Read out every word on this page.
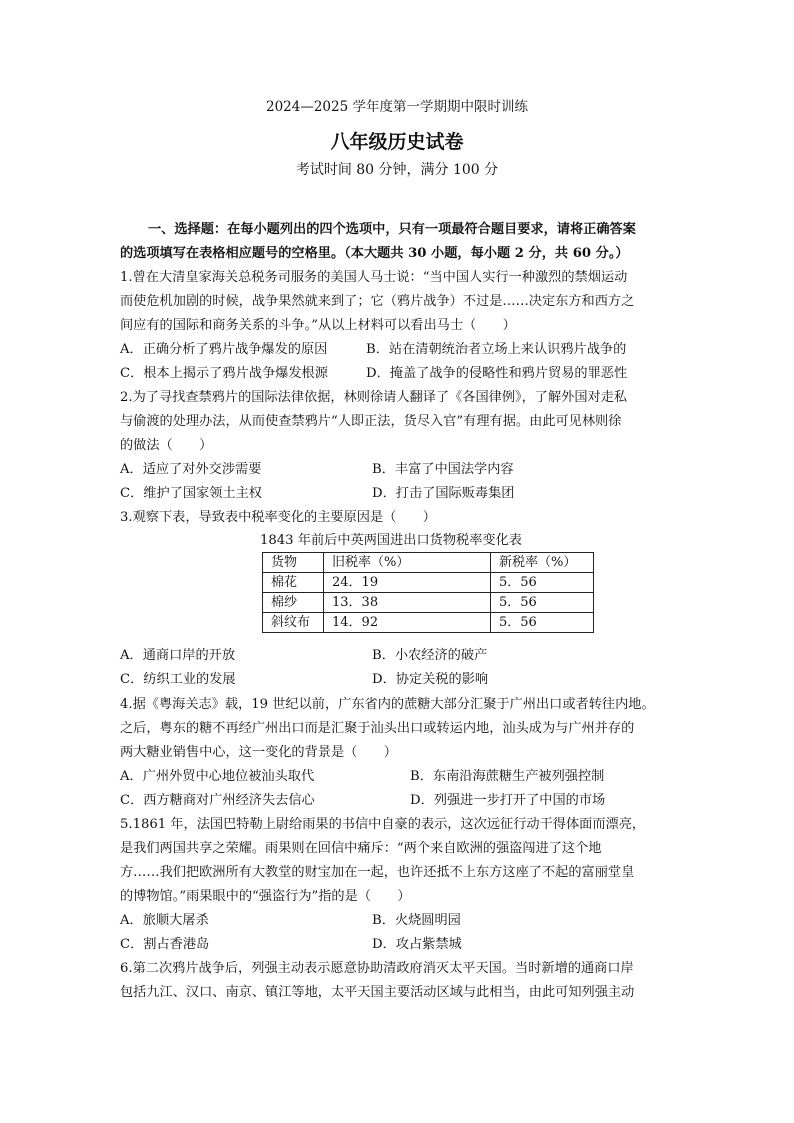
2024—2025 学年度第一学期期中限时训练
八年级历史试卷
考试时间 80 分钟，满分 100 分
一、选择题：在每小题列出的四个选项中，只有一项最符合题目要求，请将正确答案
的选项填写在表格相应题号的空格里。（本大题共 30 小题，每小题 2 分，共 60 分。）
1.曾在大清皇家海关总税务司服务的美国人马士说：“当中国人实行一种激烈的禁烟运动
而使危机加剧的时候，战争果然就来到了；它（鸦片战争）不过是……决定东方和西方之
间应有的国际和商务关系的斗争。”从以上材料可以看出马士（　　）
A．正确分析了鸦片战争爆发的原因	B．站在清朝统治者立场上来认识鸦片战争的
C．根本上揭示了鸦片战争爆发根源	D．掩盖了战争的侵略性和鸦片贸易的罪恶性
2.为了寻找查禁鸦片的国际法律依据，林则徐请人翻译了《各国律例》，了解外国对走私
与偷渡的处理办法，从而使查禁鸦片“人即正法，货尽入官”有理有据。由此可见林则徐
的做法（　　）
A．适应了对外交涉需要	B．丰富了中国法学内容
C．维护了国家领土主权	D．打击了国际贩毒集团
3.观察下表，导致表中税率变化的主要原因是（　　）
1843 年前后中英两国进出口货物税率变化表
货物	旧税率（%）	新税率（%）
棉花	24．19	5．56
棉纱	13．38	5．56
斜纹布	14．92	5．56
A．通商口岸的开放	B．小农经济的破产
C．纺织工业的发展	D．协定关税的影响
4.据《粤海关志》载，19 世纪以前，广东省内的蔗糖大部分汇聚于广州出口或者转往内地。
之后，粤东的糖不再经广州出口而是汇聚于汕头出口或转运内地，汕头成为与广州并存的
两大糖业销售中心，这一变化的背景是（　　）
A．广州外贸中心地位被汕头取代	B．东南沿海蔗糖生产被列强控制
C．西方糖商对广州经济失去信心	D．列强进一步打开了中国的市场
5.1861 年，法国巴特勒上尉给雨果的书信中自豪的表示，这次远征行动干得体面而漂亮，
是我们两国共享之荣耀。雨果则在回信中痛斥：“两个来自欧洲的强盗闯进了这个地
方……我们把欧洲所有大教堂的财宝加在一起，也许还抵不上东方这座了不起的富丽堂皇
的博物馆。”雨果眼中的“强盗行为”指的是（　　）
A．旅顺大屠杀	B．火烧圆明园
C．割占香港岛	D．攻占紫禁城
6.第二次鸦片战争后，列强主动表示愿意协助清政府消灭太平天国。当时新增的通商口岸
包括九江、汉口、南京、镇江等地，太平天国主要活动区域与此相当，由此可知列强主动
